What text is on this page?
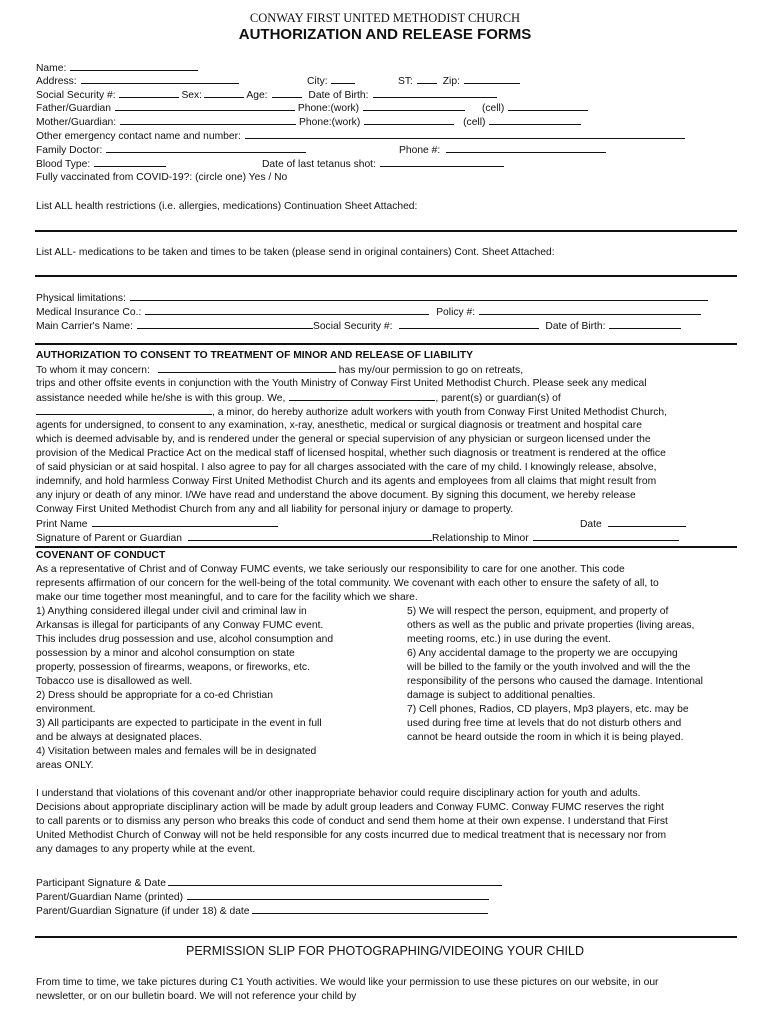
CONWAY FIRST UNITED METHODIST CHURCH
AUTHORIZATION AND RELEASE FORMS
Name:
Address:	City:	ST:	Zip:
Social Security #:	Sex:	Age:	Date of Birth:
Father/Guardian	Phone:(work)	(cell)
Mother/Guardian:	Phone:(work)	(cell)
Other emergency contact name and number:
Family Doctor:	Phone #:
Blood Type:	Date of last tetanus shot:
Fully vaccinated from COVID-19?: (circle one) Yes / No
List ALL health restrictions (i.e. allergies, medications) Continuation Sheet Attached:
List ALL- medications to be taken and times to be taken (please send in original containers) Cont. Sheet Attached:
Physical limitations:
Medical Insurance Co.:	Policy #:
Main Carrier's Name:	Social Security #:	Date of Birth:
AUTHORIZATION TO CONSENT TO TREATMENT OF MINOR AND RELEASE OF LIABILITY
To whom it may concern:	has my/our permission to go on retreats,
trips and other offsite events in conjunction with the Youth Ministry of Conway First United Methodist Church. Please seek any medical
assistance needed while he/she is with this group. We,	, parent(s) or guardian(s) of
, a minor, do hereby authorize adult workers with youth from Conway First United Methodist Church,
agents for undersigned, to consent to any examination, x-ray, anesthetic, medical or surgical diagnosis or treatment and hospital care
which is deemed advisable by, and is rendered under the general or special supervision of any physician or surgeon licensed under the
provision of the Medical Practice Act on the medical staff of licensed hospital, whether such diagnosis or treatment is rendered at the office
of said physician or at said hospital. I also agree to pay for all charges associated with the care of my child. I knowingly release, absolve,
indemnify, and hold harmless Conway First United Methodist Church and its agents and employees from all claims that might result from
any injury or death of any minor. I/We have read and understand the above document. By signing this document, we hereby release
Conway First United Methodist Church from any and all liability for personal injury or damage to property.
Print Name	Date
Signature of Parent or Guardian	Relationship to Minor
COVENANT OF CONDUCT
As a representative of Christ and of Conway FUMC events, we take seriously our responsibility to care for one another. This code
represents affirmation of our concern for the well-being of the total community. We covenant with each other to ensure the safety of all, to
make our time together most meaningful, and to care for the facility which we share.
1) Anything considered illegal under civil and criminal law in
Arkansas is illegal for participants of any Conway FUMC event.
This includes drug possession and use, alcohol consumption and
possession by a minor and alcohol consumption on state
property, possession of firearms, weapons, or fireworks, etc.
Tobacco use is disallowed as well.
2) Dress should be appropriate for a co-ed Christian
environment.
3) All participants are expected to participate in the event in full
and be always at designated places.
4) Visitation between males and females will be in designated
areas ONLY.
5) We will respect the person, equipment, and property of
others as well as the public and private properties (living areas,
meeting rooms, etc.) in use during the event.
6) Any accidental damage to the property we are occupying
will be billed to the family or the youth involved and will the the
responsibility of the persons who caused the damage. Intentional
damage is subject to additional penalties.
7) Cell phones, Radios, CD players, Mp3 players, etc. may be
used during free time at levels that do not disturb others and
cannot be heard outside the room in which it is being played.
I understand that violations of this covenant and/or other inappropriate behavior could require disciplinary action for youth and adults.
Decisions about appropriate disciplinary action will be made by adult group leaders and Conway FUMC. Conway FUMC reserves the right
to call parents or to dismiss any person who breaks this code of conduct and send them home at their own expense. I understand that First
United Methodist Church of Conway will not be held responsible for any costs incurred due to medical treatment that is necessary nor from
any damages to any property while at the event.
Participant Signature & Date
Parent/Guardian Name (printed)
Parent/Guardian Signature (if under 18) & date
PERMISSION SLIP FOR PHOTOGRAPHING/VIDEOING YOUR CHILD
From time to time, we take pictures during C1 Youth activities. We would like your permission to use these pictures on our website, in our
newsletter, or on our bulletin board. We will not reference your child by
